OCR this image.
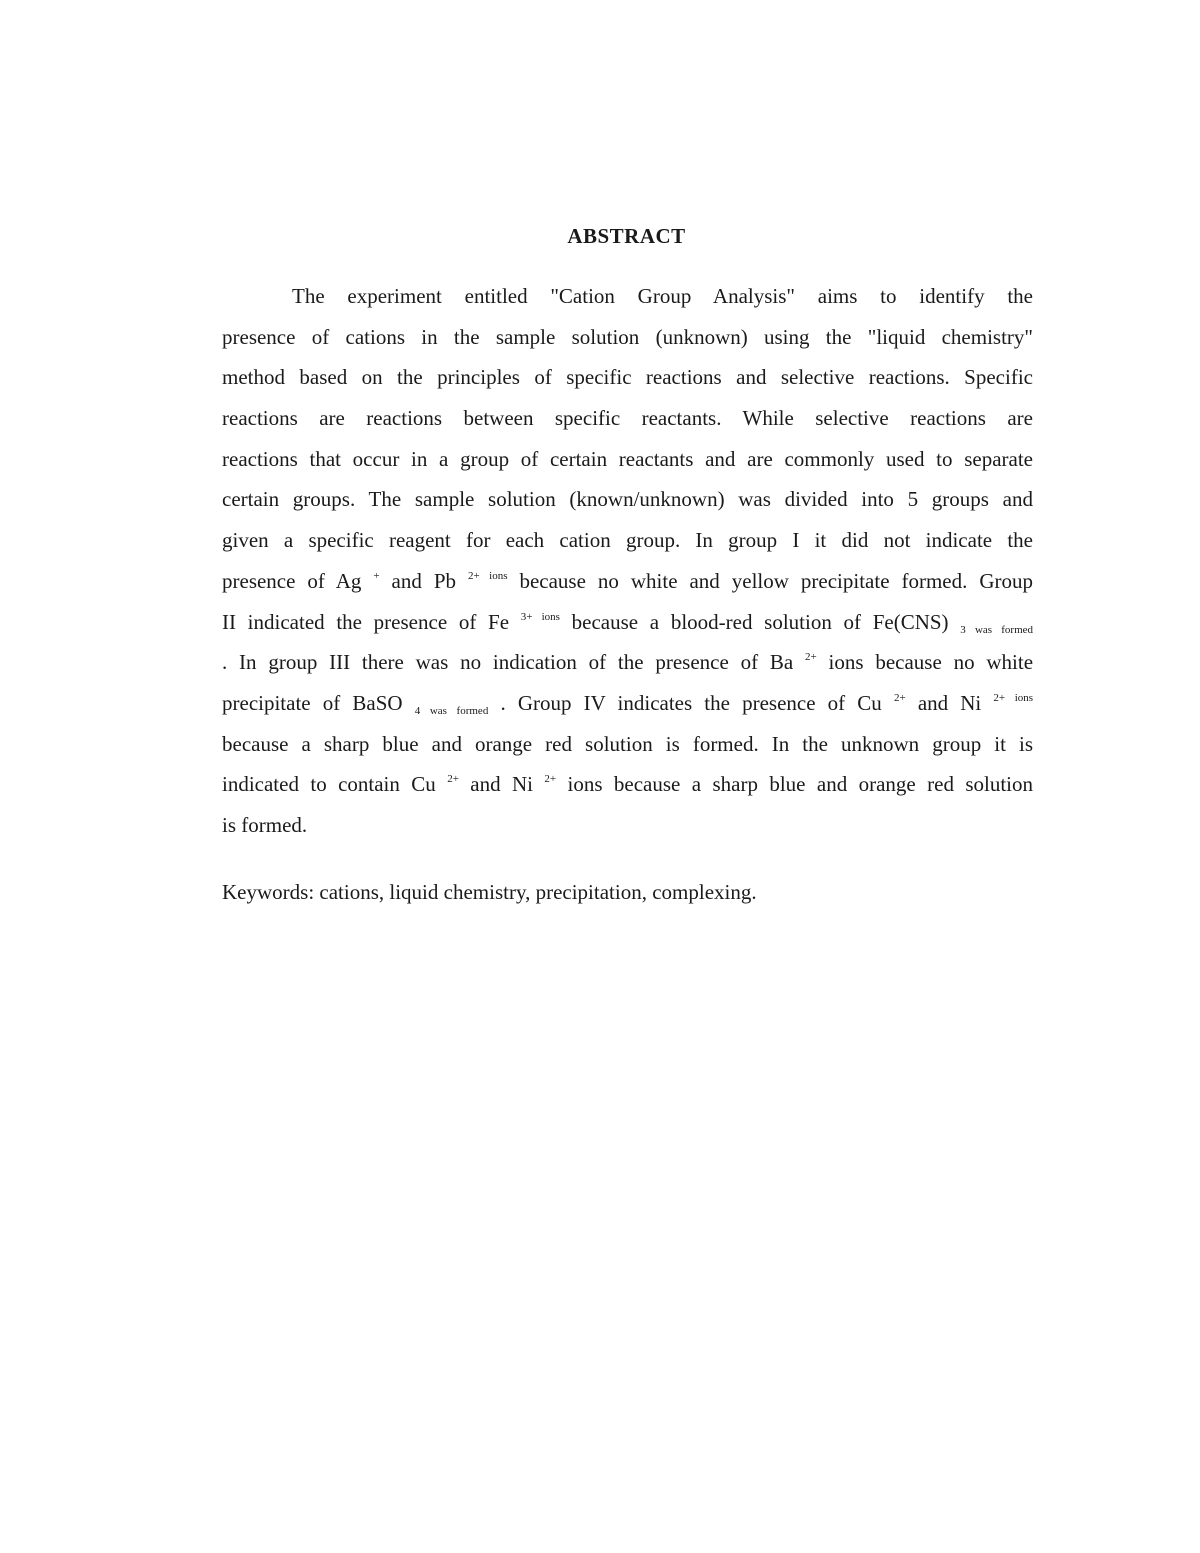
ABSTRACT
The experiment entitled "Cation Group Analysis" aims to identify the
presence of cations in the sample solution (unknown) using the "liquid chemistry"
method based on the principles of specific reactions and selective reactions. Specific
reactions are reactions between specific reactants. While selective reactions are
reactions that occur in a group of certain reactants and are commonly used to separate
certain groups. The sample solution (known/unknown) was divided into 5 groups and
given a specific reagent for each cation group. In group I it did not indicate the
presence of Ag + and Pb $^{2+ ions}$ because no white and yellow precipitate formed. Group
II indicated the presence of Fe $^{3+ ions}$ because a blood-red solution of Fe(CNS) $_{3 was formed}$
. In group III there was no indication of the presence of Ba $^{2+}$ ions because no white
precipitate of BaSO $_{4 was formed}$ . Group IV indicates the presence of Cu $^{2+}$ and Ni $^{2+ ions}$
because a sharp blue and orange red solution is formed. In the unknown group it is
indicated to contain Cu $^{2+}$ and Ni $^{2+}$ ions because a sharp blue and orange red solution
is formed.
Keywords: cations, liquid chemistry, precipitation, complexing.
